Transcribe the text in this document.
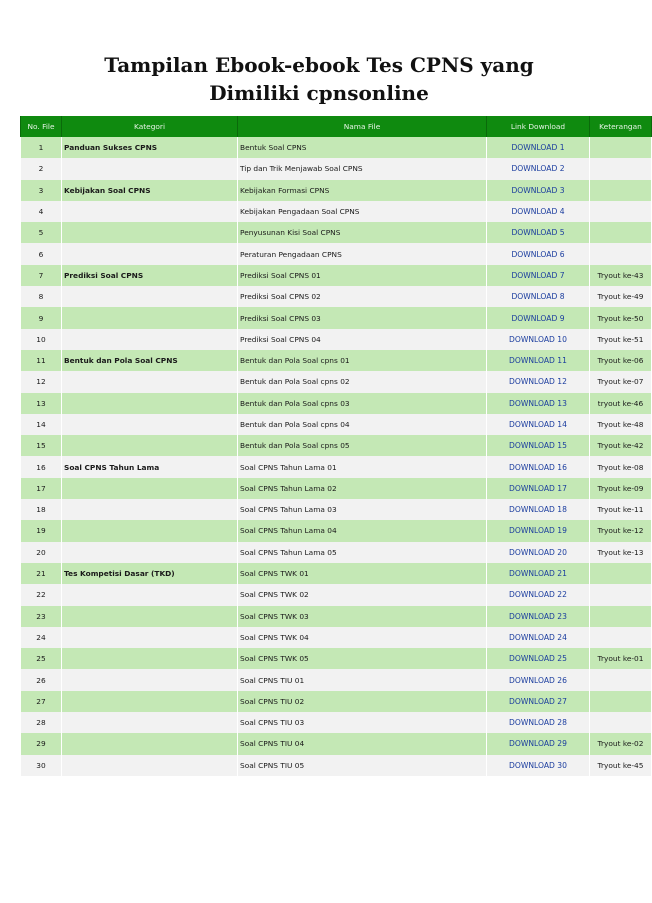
Tampilan Ebook-ebook Tes CPNS yang
Dimiliki cpnsonline
No. File	Kategori	Nama File	Link Download	Keterangan
1	Panduan Sukses CPNS	Bentuk Soal CPNS	DOWNLOAD 1	
2		Tip dan Trik Menjawab Soal CPNS	DOWNLOAD 2	
3	Kebijakan Soal CPNS	Kebijakan Formasi CPNS	DOWNLOAD 3	
4		Kebijakan Pengadaan Soal CPNS	DOWNLOAD 4	
5		Penyusunan Kisi Soal CPNS	DOWNLOAD 5	
6		Peraturan Pengadaan CPNS	DOWNLOAD 6	
7	Prediksi Soal CPNS	Prediksi Soal CPNS 01	DOWNLOAD 7	Tryout ke-43
8		Prediksi Soal CPNS 02	DOWNLOAD 8	Tryout ke-49
9		Prediksi Soal CPNS 03	DOWNLOAD 9	Tryout ke-50
10		Prediksi Soal CPNS 04	DOWNLOAD 10	Tryout ke-51
11	Bentuk dan Pola Soal CPNS	Bentuk dan Pola Soal cpns 01	DOWNLOAD 11	Tryout ke-06
12		Bentuk dan Pola Soal cpns 02	DOWNLOAD 12	Tryout ke-07
13		Bentuk dan Pola Soal cpns 03	DOWNLOAD 13	tryout ke-46
14		Bentuk dan Pola Soal cpns 04	DOWNLOAD 14	Tryout ke-48
15		Bentuk dan Pola Soal cpns 05	DOWNLOAD 15	Tryout ke-42
16	Soal CPNS Tahun Lama	Soal CPNS Tahun Lama 01	DOWNLOAD 16	Tryout ke-08
17		Soal CPNS Tahun Lama 02	DOWNLOAD 17	Tryout ke-09
18		Soal CPNS Tahun Lama 03	DOWNLOAD 18	Tryout ke-11
19		Soal CPNS Tahun Lama 04	DOWNLOAD 19	Tryout ke-12
20		Soal CPNS Tahun Lama 05	DOWNLOAD 20	Tryout ke-13
21	Tes Kompetisi Dasar (TKD)	Soal CPNS TWK 01	DOWNLOAD 21	
22		Soal CPNS TWK 02	DOWNLOAD 22	
23		Soal CPNS TWK 03	DOWNLOAD 23	
24		Soal CPNS TWK 04	DOWNLOAD 24	
25		Soal CPNS TWK 05	DOWNLOAD 25	Tryout ke-01
26		Soal CPNS TIU 01	DOWNLOAD 26	
27		Soal CPNS TIU 02	DOWNLOAD 27	
28		Soal CPNS TIU 03	DOWNLOAD 28	
29		Soal CPNS TIU 04	DOWNLOAD 29	Tryout ke-02
30		Soal CPNS TIU 05	DOWNLOAD 30	Tryout ke-45
